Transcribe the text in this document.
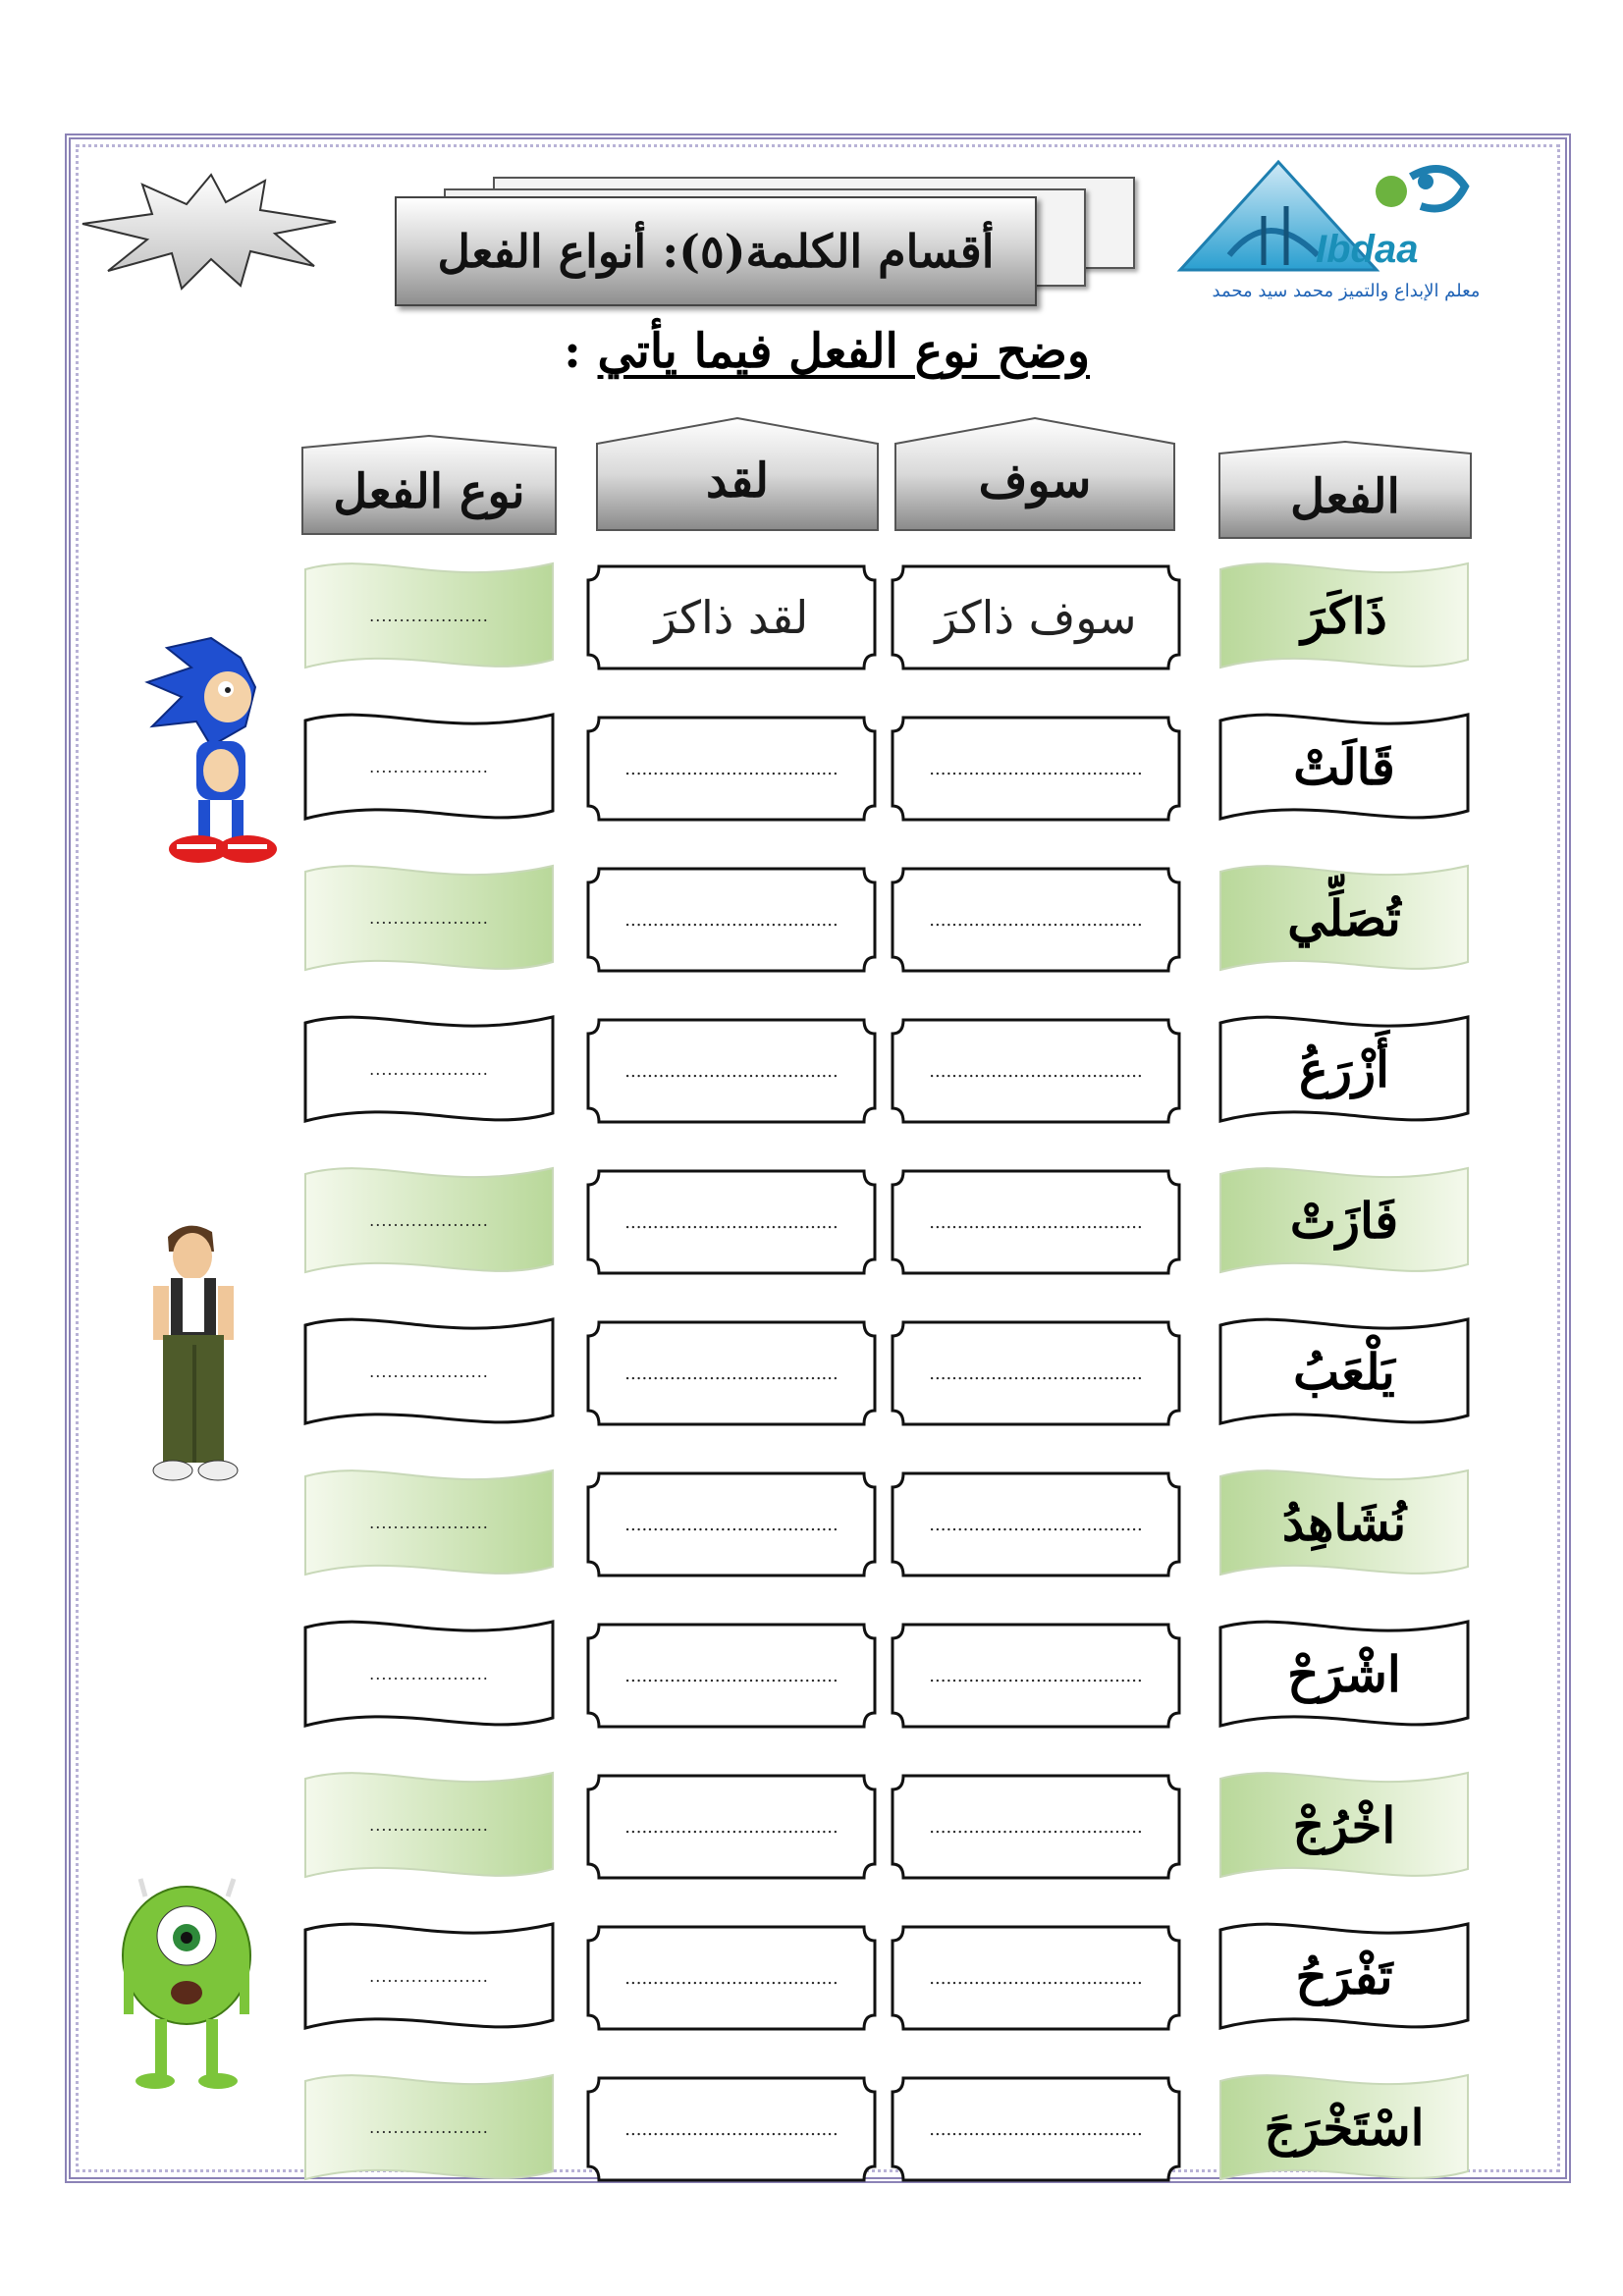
أقسام الكلمة(٥): أنواع الفعل	Ibdaa
معلم الإبداع والتميز محمد سيد محمد
وضح نوع الفعل فيما يأتي :
الفعل
سوف
لقد
نوع الفعل
ذَاكَرَ
سوف ذاكرَ
لقد ذاكرَ
....................
قَالَتْ
......................................
......................................
....................
تُصَلِّي
......................................
......................................
....................
أَزْرَعُ
......................................
......................................
....................
فَازَتْ
......................................
......................................
....................
يَلْعَبُ
......................................
......................................
....................
نُشَاهِدُ
......................................
......................................
....................
اشْرَحْ
......................................
......................................
....................
اخْرُجْ
......................................
......................................
....................
تَفْرَحُ
......................................
......................................
....................
اسْتَخْرَجَ
......................................
......................................
....................
